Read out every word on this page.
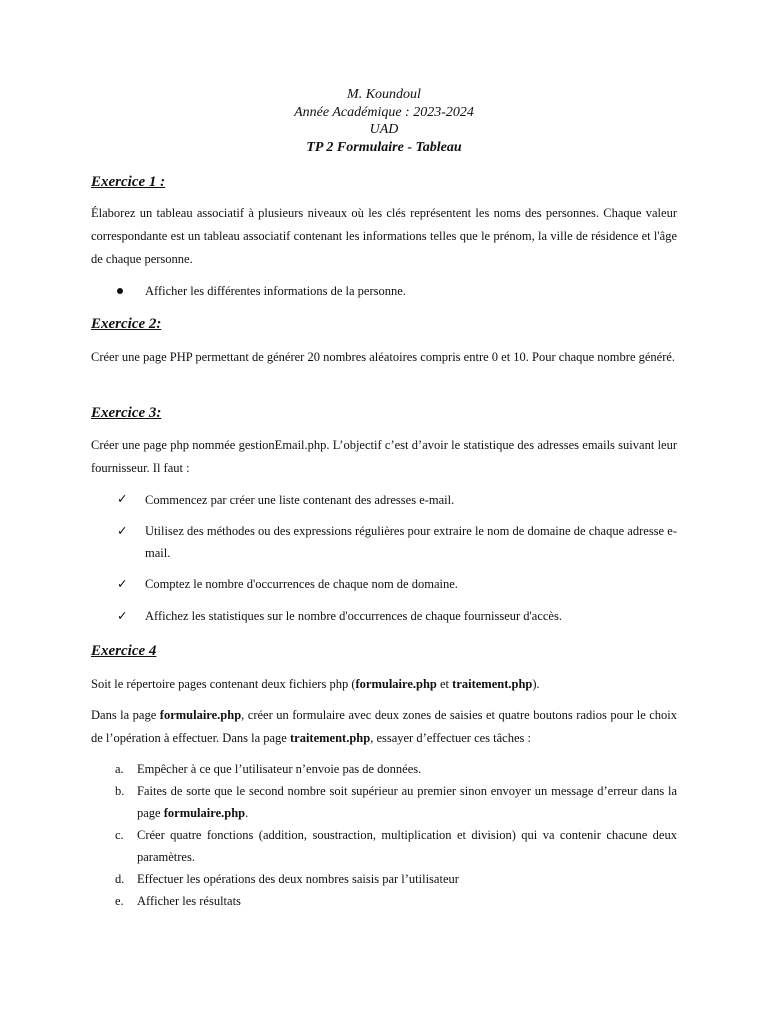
M. Koundoul
Année Académique : 2023-2024
UAD
TP 2 Formulaire - Tableau
Exercice 1 :
Élaborez un tableau associatif à plusieurs niveaux où les clés représentent les noms des personnes. Chaque valeur correspondante est un tableau associatif contenant les informations telles que le prénom, la ville de résidence et l'âge de chaque personne.
Afficher les différentes informations de la personne.
Exercice 2:
Créer une page PHP permettant de générer 20 nombres aléatoires compris entre 0 et 10. Pour chaque nombre généré.
Exercice 3:
Créer une page php nommée gestionEmail.php. L’objectif c’est d’avoir le statistique des adresses emails suivant leur fournisseur. Il faut :
✓ Commencez par créer une liste contenant des adresses e-mail.
✓ Utilisez des méthodes ou des expressions régulières pour extraire le nom de domaine de chaque adresse e-mail.
✓ Comptez le nombre d'occurrences de chaque nom de domaine.
✓ Affichez les statistiques sur le nombre d'occurrences de chaque fournisseur d'accès.
Exercice 4
Soit le répertoire pages contenant deux fichiers php (formulaire.php et traitement.php).
Dans la page formulaire.php, créer un formulaire avec deux zones de saisies et quatre boutons radios pour le choix de l’opération à effectuer. Dans la page traitement.php, essayer d’effectuer ces tâches :
a. Empêcher à ce que l’utilisateur n’envoie pas de données.
b. Faites de sorte que le second nombre soit supérieur au premier sinon envoyer un message d’erreur dans la page formulaire.php.
c. Créer quatre fonctions (addition, soustraction, multiplication et division) qui va contenir chacune deux paramètres.
d. Effectuer les opérations des deux nombres saisis par l’utilisateur
e. Afficher les résultats
